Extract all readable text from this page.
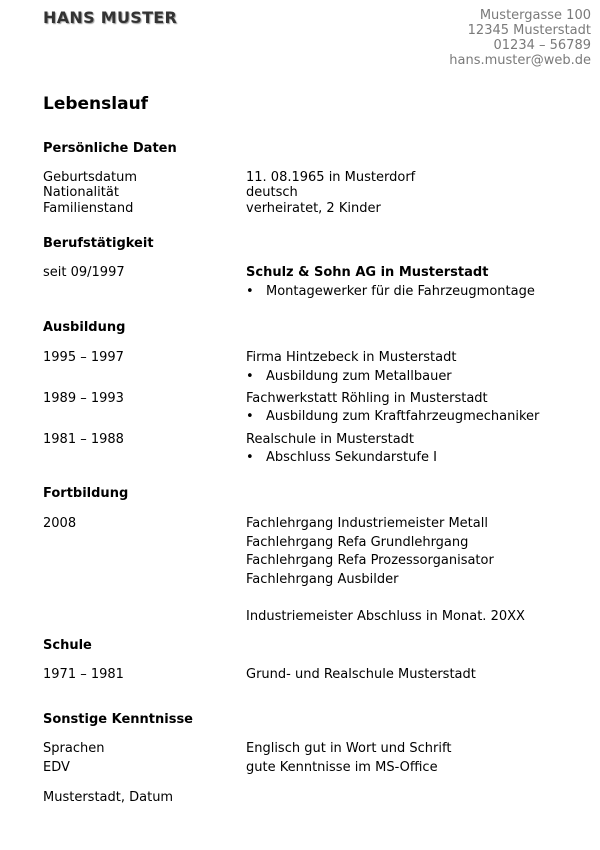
HANS MUSTER	Mustergasse 100
12345 Musterstadt
01234 – 56789
hans.muster@web.de
Lebenslauf
Persönliche Daten
Geburtsdatum	11. 08.1965 in Musterdorf
Nationalität	deutsch
Familienstand	verheiratet, 2 Kinder
Berufstätigkeit
seit 09/1997	Schulz & Sohn AG in Musterstadt
• Montagewerker für die Fahrzeugmontage
Ausbildung
1995 – 1997	Firma Hintzebeck in Musterstadt
• Ausbildung zum Metallbauer
1989 – 1993	Fachwerkstatt Röhling in Musterstadt
• Ausbildung zum Kraftfahrzeugmechaniker
1981 – 1988	Realschule in Musterstadt
• Abschluss Sekundarstufe I
Fortbildung
2008	Fachlehrgang Industriemeister Metall
Fachlehrgang Refa Grundlehrgang
Fachlehrgang Refa Prozessorganisator
Fachlehrgang Ausbilder
Industriemeister Abschluss in Monat. 20XX
Schule
1971 – 1981	Grund- und Realschule Musterstadt
Sonstige Kenntnisse
Sprachen	Englisch gut in Wort und Schrift
EDV	gute Kenntnisse im MS-Office
Musterstadt, Datum
